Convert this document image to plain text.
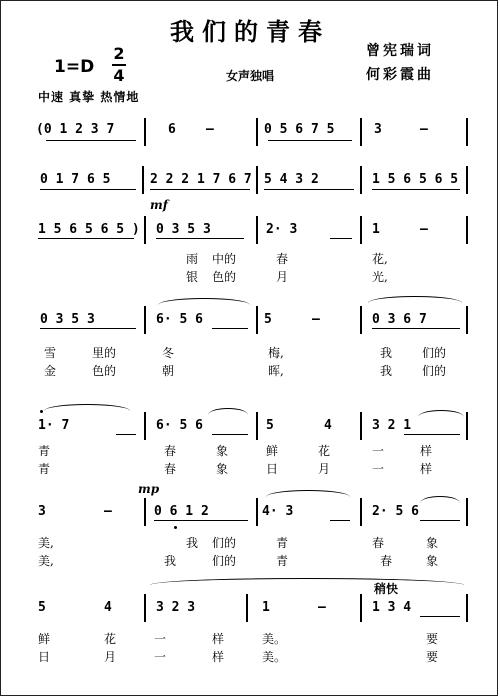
我们的青春
1=D
2
4	女声独唱
曾宪瑞词
何彩霞曲
中速 真挚 热情地
(0 1 2 3 7	6 —	0 5 6 7 5	3	—
0 1 7 6 5	2 2 2 1 7 6 7 5 4 3 2	1 5 6 5 6 5
mf
1 5 6 5 6 5 ) 0 3 5 3	2· 3	1	—
雨 中的	春	花,
银 色的	月	光,
0 3 5 3	6· 5 6	5	—	0 3 6 7
雪	里的	冬	梅,	我 们的
金	色的	朝	晖,	我 们的
1· 7	6· 5 6	5	4	3 2 1
青	春	象	鲜	花	一	样
青	春	象	日	月	一	样
mp
3	—	0 6 1 2	4· 3	2· 5 6
美,	我 们的	青	春	象
美,	我	们的	青	春	象
稍快
5	4	3 2 3	1	—	1 3 4
鲜	花	一	样	美。	要
日	月	一	样	美。	要
